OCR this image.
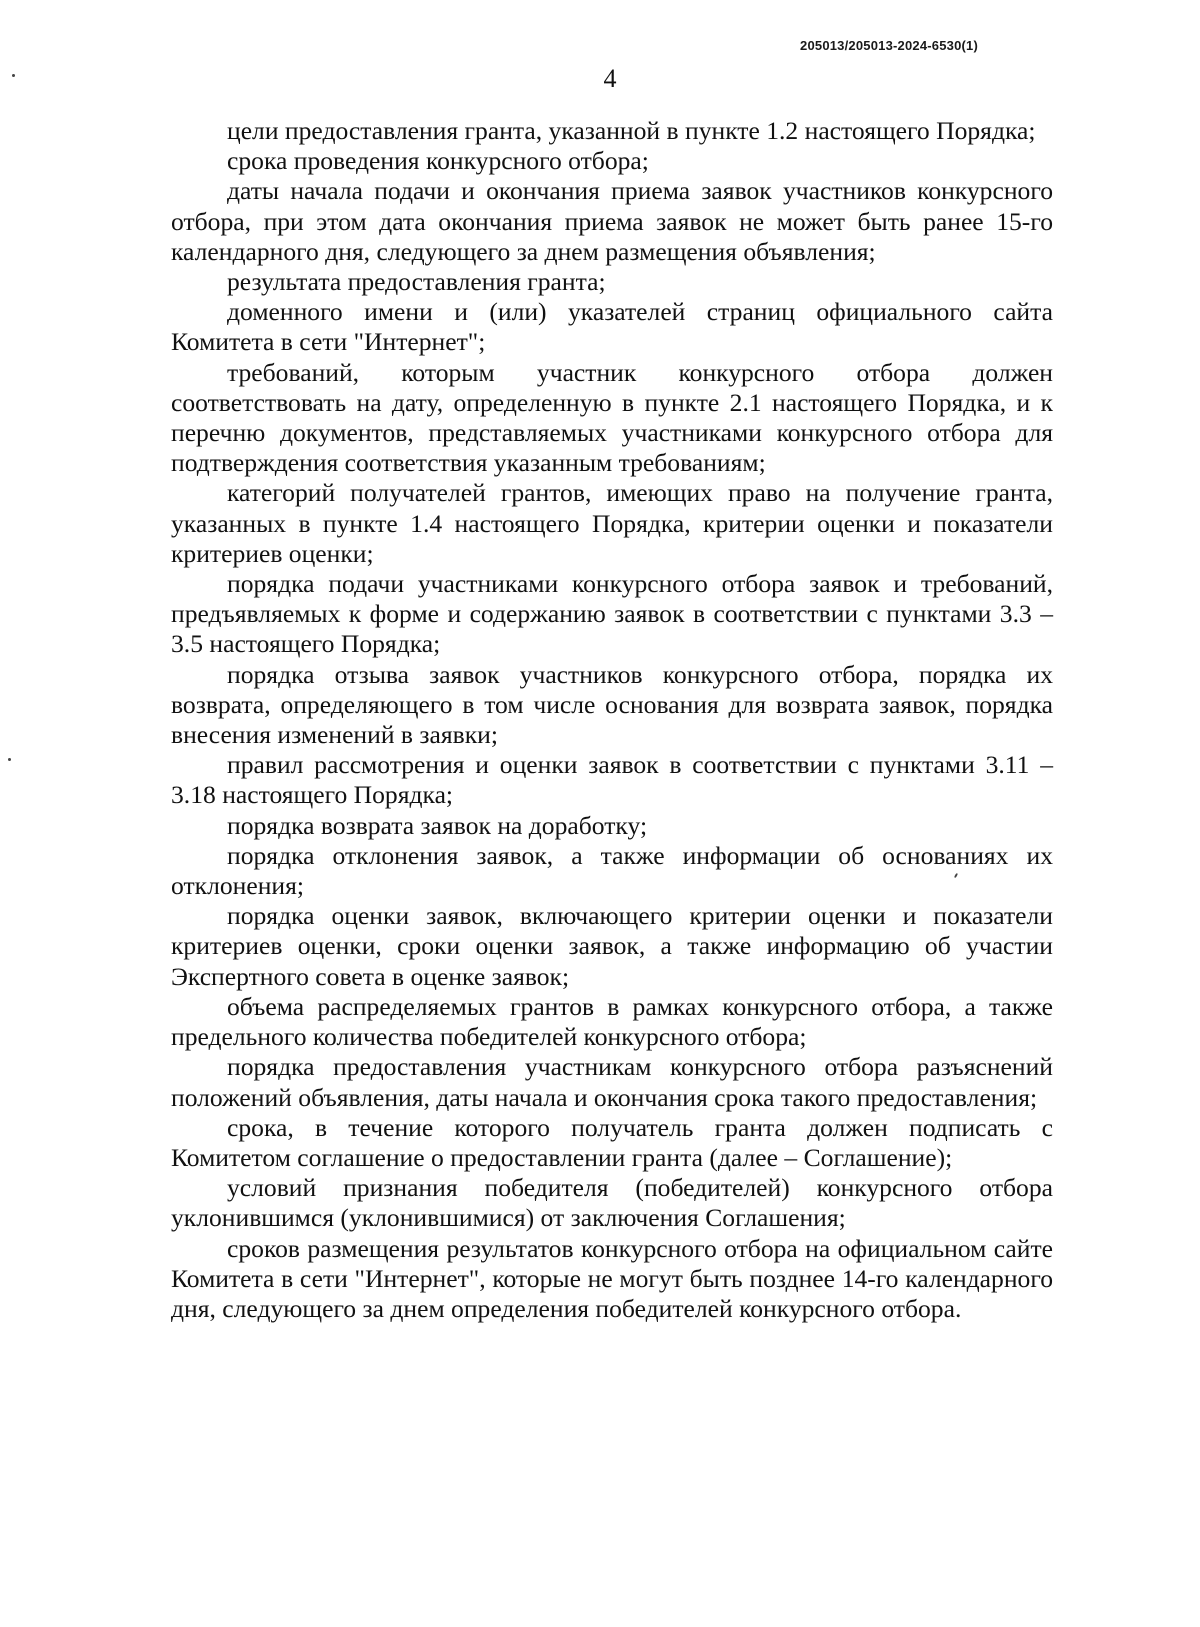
205013/205013-2024-6530(1)
4

цели предоставления гранта, указанной в пункте 1.2 настоящего Порядка;

срока проведения конкурсного отбора;

даты начала подачи и окончания приема заявок участников конкурсного отбора, при этом дата окончания приема заявок не может быть ранее 15-го календарного дня, следующего за днем размещения объявления;

результата предоставления гранта;

доменного имени и (или) указателей страниц официального сайта Комитета в сети "Интернет";

требований, которым участник конкурсного отбора должен соответствовать на дату, определенную в пункте 2.1 настоящего Порядка, и к перечню документов, представляемых участниками конкурсного отбора для подтверждения соответствия указанным требованиям;

категорий получателей грантов, имеющих право на получение гранта, указанных в пункте 1.4 настоящего Порядка, критерии оценки и показатели критериев оценки;

порядка подачи участниками конкурсного отбора заявок и требований, предъявляемых к форме и содержанию заявок в соответствии с пунктами 3.3 – 3.5 настоящего Порядка;

порядка отзыва заявок участников конкурсного отбора, порядка их возврата, определяющего в том числе основания для возврата заявок, порядка внесения изменений в заявки;

правил рассмотрения и оценки заявок в соответствии с пунктами 3.11 – 3.18 настоящего Порядка;

порядка возврата заявок на доработку;

порядка отклонения заявок, а также информации об основаниях их отклонения;

порядка оценки заявок, включающего критерии оценки и показатели критериев оценки, сроки оценки заявок, а также информацию об участии Экспертного совета в оценке заявок;

объема распределяемых грантов в рамках конкурсного отбора, а также предельного количества победителей конкурсного отбора;

порядка предоставления участникам конкурсного отбора разъяснений положений объявления, даты начала и окончания срока такого предоставления;

срока, в течение которого получатель гранта должен подписать с Комитетом соглашение о предоставлении гранта (далее – Соглашение);

условий признания победителя (победителей) конкурсного отбора уклонившимся (уклонившимися) от заключения Соглашения;

сроков размещения результатов конкурсного отбора на официальном сайте Комитета в сети "Интернет", которые не могут быть позднее 14-го календарного дня, следующего за днем определения победителей конкурсного отбора.
